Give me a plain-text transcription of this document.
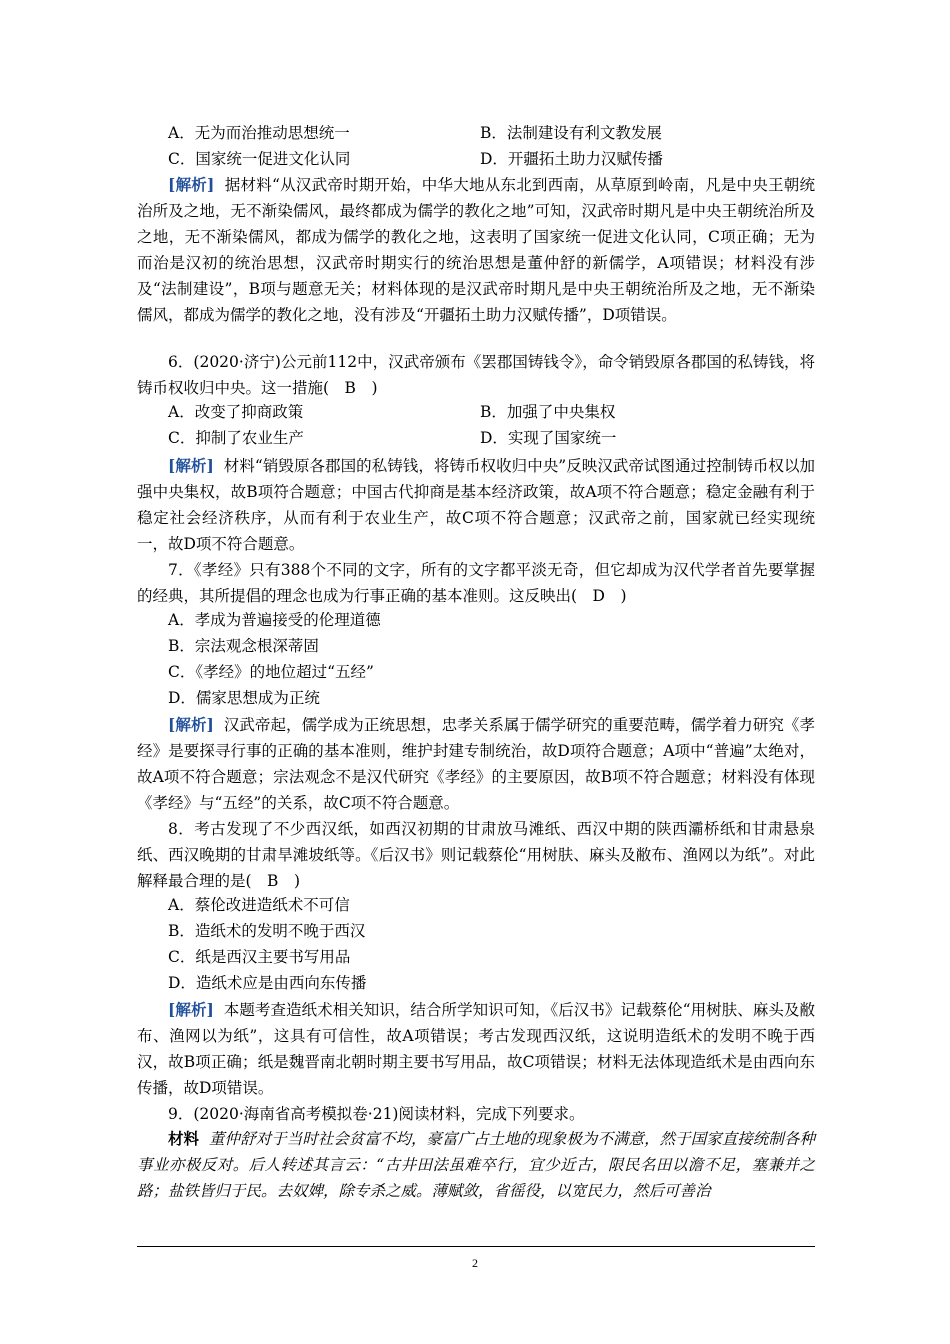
A．无为而治推动思想统一	B．法制建设有利文教发展
C．国家统一促进文化认同	D．开疆拓土助力汉赋传播
[解析] 据材料“从汉武帝时期开始，中华大地从东北到西南，从草原到岭南，凡是中央王朝统治所及之地，无不渐染儒风，最终都成为儒学的教化之地”可知，汉武帝时期凡是中央王朝统治所及之地，无不渐染儒风，都成为儒学的教化之地，这表明了国家统一促进文化认同，C项正确；无为而治是汉初的统治思想，汉武帝时期实行的统治思想是董仲舒的新儒学，A项错误；材料没有涉及“法制建设”，B项与题意无关；材料体现的是汉武帝时期凡是中央王朝统治所及之地，无不渐染儒风，都成为儒学的教化之地，没有涉及“开疆拓土助力汉赋传播”，D项错误。
6．(2020·济宁)公元前112中，汉武帝颁布《罢郡国铸钱令》，命令销毁原各郡国的私铸钱，将铸币权收归中央。这一措施(　B　)
A．改变了抑商政策	B．加强了中央集权
C．抑制了农业生产	D．实现了国家统一
[解析] 材料“销毁原各郡国的私铸钱，将铸币权收归中央”反映汉武帝试图通过控制铸币权以加强中央集权，故B项符合题意；中国古代抑商是基本经济政策，故A项不符合题意；稳定金融有利于稳定社会经济秩序，从而有利于农业生产，故C项不符合题意；汉武帝之前，国家就已经实现统一，故D项不符合题意。
7．《孝经》只有388个不同的文字，所有的文字都平淡无奇，但它却成为汉代学者首先要掌握的经典，其所提倡的理念也成为行事正确的基本准则。这反映出(　D　)
A．孝成为普遍接受的伦理道德
B．宗法观念根深蒂固
C．《孝经》的地位超过“五经”
D．儒家思想成为正统
[解析] 汉武帝起，儒学成为正统思想，忠孝关系属于儒学研究的重要范畴，儒学着力研究《孝经》是要探寻行事的正确的基本准则，维护封建专制统治，故D项符合题意；A项中“普遍”太绝对，故A项不符合题意；宗法观念不是汉代研究《孝经》的主要原因，故B项不符合题意；材料没有体现《孝经》与“五经”的关系，故C项不符合题意。
8．考古发现了不少西汉纸，如西汉初期的甘肃放马滩纸、西汉中期的陕西灞桥纸和甘肃悬泉纸、西汉晚期的甘肃旱滩坡纸等。《后汉书》则记载蔡伦“用树肤、麻头及敝布、渔网以为纸”。对此解释最合理的是(　B　)
A．蔡伦改进造纸术不可信
B．造纸术的发明不晚于西汉
C．纸是西汉主要书写用品
D．造纸术应是由西向东传播
[解析] 本题考查造纸术相关知识，结合所学知识可知，《后汉书》记载蔡伦“用树肤、麻头及敝布、渔网以为纸”，这具有可信性，故A项错误；考古发现西汉纸，这说明造纸术的发明不晚于西汉，故B项正确；纸是魏晋南北朝时期主要书写用品，故C项错误；材料无法体现造纸术是由西向东传播，故D项错误。
9．(2020·海南省高考模拟卷·21)阅读材料，完成下列要求。
材料 董仲舒对于当时社会贫富不均，豪富广占土地的现象极为不满意，然于国家直接统制各种事业亦极反对。后人转述其言云：“古井田法虽难卒行，宜少近古，限民名田以澹不足，塞兼并之路；盐铁皆归于民。去奴婢，除专杀之威。薄赋敛，省徭役，以宽民力，然后可善治
2
